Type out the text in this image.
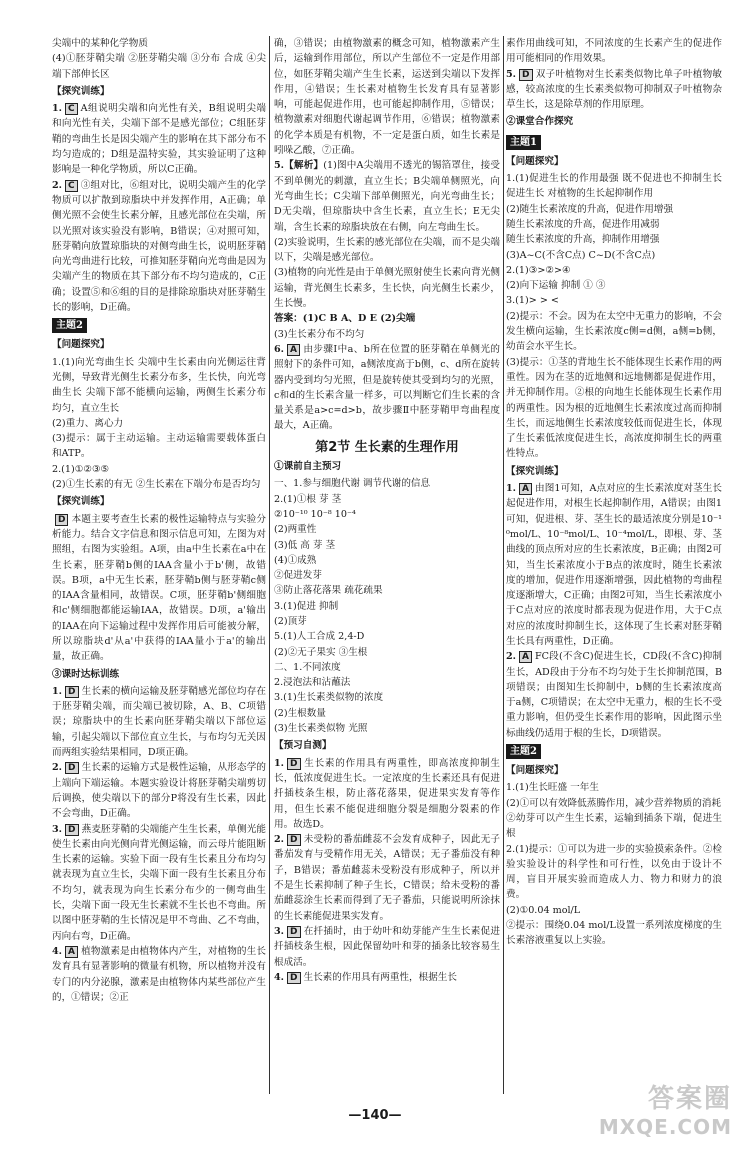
尖端中的某种化学物质

(4)①胚芽鞘尖端 ②胚芽鞘尖端 ③分布 合成 ④尖端下部伸长区

【探究训练】

1. C A组说明尖端和向光性有关，B组说明尖端和向光性有关，尖端下部不是感光部位；C组胚芽鞘的弯曲生长是因尖端产生的影响在其下部分布不均匀造成的；D组是温特实验，其实验证明了这种影响是一种化学物质，所以C正确。

2. C ③组对比，⑥组对比，说明尖端产生的化学物质可以扩散到琼脂块中并发挥作用，A正确；单侧光照不会使生长素分解，且感光部位在尖端，所以光照对该实验没有影响，B错误；④对照可知，胚芽鞘向放置琼脂块的对侧弯曲生长，说明胚芽鞘向光弯曲进行比较，可推知胚芽鞘向光弯曲是因为尖端产生的物质在其下部分布不均匀造成的，C正确；设置⑤和⑥组的目的是排除琼脂块对胚芽鞘生长的影响，D正确。

主题2
【问题探究】

1.(1)向光弯曲生长 尖端中生长素由向光侧运往背光侧，导致背光侧生长素分布多，生长快，向光弯曲生长 尖端下部不能横向运输，两侧生长素分布均匀，直立生长

(2)重力、离心力

(3)提示：属于主动运输。主动运输需要载体蛋白和ATP。

2.(1)①②③⑤

(2)①生长素的有无 ②生长素在下端分布是否均匀

【探究训练】

D 本题主要考查生长素的极性运输特点与实验分析能力。结合文字信息和图示信息可知，左图为对照组，右图为实验组。A项，由a中生长素在a中在生长素，胚芽鞘b侧的IAA含量小于b'侧，故错误。B项，a中无生长素，胚芽鞘b侧与胚芽鞘c侧的IAA含量相同，故错误。C项，胚芽鞘b'侧细胞和c'侧细胞都能运输IAA，故错误。D项，a'输出的IAA在向下运输过程中发挥作用后可能被分解，所以琼脂块d'从a'中获得的IAA量小于a'的输出量，故正确。

③课时达标训练

1. D 生长素的横向运输及胚芽鞘感光部位均存在于胚芽鞘尖端，而尖端已被切除，A、B、C项错误；琼脂块中的生长素向胚芽鞘尖端以下部位运输，引起尖端以下部位直立生长，与布均匀无关因而两组实验结果相同，D项正确。

2. D 生长素的运输方式是极性运输，从形态学的上端向下端运输。本题实验设计将胚芽鞘尖端剪切后调换，使尖端以下的部分P将没有生长素，因此不会弯曲，D正确。

3. D 燕麦胚芽鞘的尖端能产生生长素，单侧光能使生长素由向光侧向背光侧运输，而云母片能阻断生长素的运输。实验下面一段有生长素且分布均匀就表现为直立生长，尖端下面一段有生长素且分布不均匀，就表现为向生长素分布少的一侧弯曲生长，尖端下面一段无生长素就不生长也不弯曲。所以图中胚芽鞘的生长情况是甲不弯曲、乙不弯曲，丙向右弯，D正确。

4. A 植物激素是由植物体内产生，对植物的生长发育具有显著影响的微量有机物，所以植物并没有专门的内分泌腺，激素是由植物体内某些部位产生的，①错误；②正

确，③错误；由植物激素的概念可知，植物激素产生后，运输到作用部位，所以产生部位不一定是作用部位，如胚芽鞘尖端产生生长素，运送到尖端以下发挥作用，④错误；生长素对植物生长发育具有显著影响，可能起促进作用，也可能起抑制作用，⑤错误；植物激素对细胞代谢起调节作用，⑥错误；植物激素的化学本质是有机物，不一定是蛋白质，如生长素是吲哚乙酸，⑦正确。

5.【解析】(1)图中A尖端用不透光的锡箔罩住，接受不到单侧光的刺激，直立生长；B尖端单侧照光，向光弯曲生长；C尖端下部单侧照光，向光弯曲生长；D无尖端，但琼脂块中含生长素，直立生长；E无尖端，含生长素的琼脂块放在右侧，向左弯曲生长。

(2)实验说明，生长素的感光部位在尖端，而不是尖端以下，尖端是感光部位。

(3)植物的向光性是由于单侧光照射使生长素向背光侧运输，背光侧生长素多，生长快，向光侧生长素少，生长慢。

答案：(1)C B A、D E (2)尖端

(3)生长素分布不均匀

6. A 由步骤Ⅰ中a、b所在位置的胚芽鞘在单侧光的照射下的条件可知，a侧浓度高于b侧，c、d所在旋转器内受到均匀光照，但是旋转使其受到均匀的光照，c和d的生长素含量一样多，可以判断它们生长素的含量关系是a>c=d>b，故步骤Ⅱ中胚芽鞘甲弯曲程度最大，A正确。

第2节 生长素的生理作用
①课前自主预习

一、1.参与细胞代谢 调节代谢的信息

2.(1)①根 芽 茎

②10⁻¹⁰ 10⁻⁸ 10⁻⁴

(2)两重性

(3)低 高 芽 茎

(4)①成熟

②促进发芽

③防止落花落果 疏花疏果

3.(1)促进 抑制

(2)顶芽

5.(1)人工合成 2,4-D

(2)②无子果实 ③生根

二、1.不同浓度

2.浸泡法和沾蘸法

3.(1)生长素类似物的浓度

(2)生根数量

(3)生长素类似物 光照

【预习自测】

1. D 生长素的作用具有两重性，即高浓度抑制生长，低浓度促进生长。一定浓度的生长素还具有促进扦插枝条生根，防止落花落果，促进果实发育等作用，但生长素不能促进细胞分裂是细胞分裂素的作用。故选D。

2. D 未受粉的番茄雌蕊不会发育成种子，因此无子番茄发育与受精作用无关，A错误；无子番茄没有种子，B错误；番茄雌蕊未受粉没有形成种子，所以并不是生长素抑制了种子生长，C错误；给未受粉的番茄雌蕊涂生长素而得到了无子番茄，只能说明所涂抹的生长素能促进果实发育。

3. D 在扦插时，由于幼叶和幼芽能产生生长素促进扦插枝条生根，因此保留幼叶和芽的插条比较容易生根成活。

4. D 生长素的作用具有两重性，根据生长

素作用曲线可知，不同浓度的生长素产生的促进作用可能相同的作用效果。

5. D 双子叶植物对生长素类似物比单子叶植物敏感，较高浓度的生长素类似物可抑制双子叶植物杂草生长，这是除草剂的作用原理。

②课堂合作探究
主题1
【问题探究】

1.(1)促进生长的作用最强 既不促进也不抑制生长 促进生长 对植物的生长起抑制作用

(2)随生长素浓度的升高，促进作用增强

随生长素浓度的升高，促进作用减弱

随生长素浓度的升高，抑制作用增强

(3)A~C(不含C点) C~D(不含C点)

2.(1)③>②>④

(2)向下运输 抑制 ① ③

3.(1)> > <

(2)提示：不会。因为在太空中无重力的影响，不会发生横向运输，生长素浓度c侧=d侧，a侧=b侧，幼苗会水平生长。

(3)提示：①茎的背地生长不能体现生长素作用的两重性。因为在茎的近地侧和远地侧都是促进作用，并无抑制作用。②根的向地生长能体现生长素作用的两重性。因为根的近地侧生长素浓度过高而抑制生长，而远地侧生长素浓度较低而促进生长，体现了生长素低浓度促进生长，高浓度抑制生长的两重性特点。

【探究训练】

1. A 由图1可知，A点对应的生长素浓度对茎生长起促进作用，对根生长起抑制作用，A错误；由图1可知，促进根、芽、茎生长的最适浓度分别是10⁻¹⁰mol/L、10⁻⁸mol/L、10⁻⁴mol/L，即根、芽、茎曲线的顶点所对应的生长素浓度，B正确；由图2可知，当生长素浓度小于B点的浓度时，随生长素浓度的增加，促进作用逐渐增强，因此植物的弯曲程度逐渐增大，C正确；由图2可知，当生长素浓度小于C点对应的浓度时都表现为促进作用，大于C点对应的浓度时抑制生长，这体现了生长素对胚芽鞘生长具有两重性，D正确。

2. A FC段(不含C)促进生长，CD段(不含C)抑制生长，AD段由于分布不均匀处于生长抑制范围，B项错误；由图知生长抑制中，b侧的生长素浓度高于a侧，C项错误；在太空中无重力，根的生长不受重力影响，但仍受生长素作用的影响，因此图示坐标曲线仍适用于根的生长，D项错误。

主题2
【问题探究】

1.(1)生长旺盛 一年生

(2)①可以有效降低蒸腾作用，减少营养物质的消耗

②幼芽可以产生生长素，运输到插条下端，促进生根

2.(1)提示：①可以为进一步的实验摸索条件。②检验实验设计的科学性和可行性，以免由于设计不周，盲目开展实验而造成人力、物力和财力的浪费。

(2)①0.04 mol/L

②提示：围绕0.04 mol/L设置一系列浓度梯度的生长素溶液重复以上实验。

—140—
答案圈
MXQE.COM
